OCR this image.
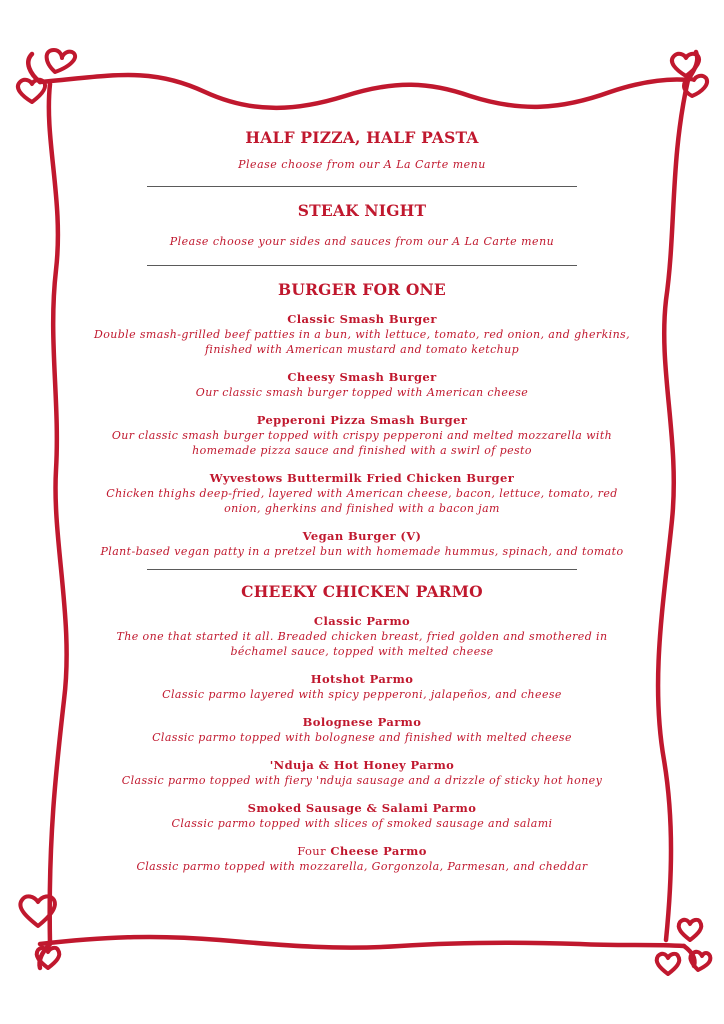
HALF PIZZA, HALF PASTA

Please choose from our A La Carte menu

STEAK NIGHT

Please choose your sides and sauces from our A La Carte menu

BURGER FOR ONE

Classic Smash Burger

Double smash-grilled beef patties in a bun, with lettuce, tomato, red onion, and gherkins, finished with American mustard and tomato ketchup

Cheesy Smash Burger

Our classic smash burger topped with American cheese

Pepperoni Pizza Smash Burger

Our classic smash burger topped with crispy pepperoni and melted mozzarella with homemade pizza sauce and finished with a swirl of pesto

Wyvestows Buttermilk Fried Chicken Burger

Chicken thighs deep-fried, layered with American cheese, bacon, lettuce, tomato, red onion, gherkins and finished with a bacon jam

Vegan Burger (V)

Plant-based vegan patty in a pretzel bun with homemade hummus, spinach, and tomato

CHEEKY CHICKEN PARMO

Classic Parmo

The one that started it all. Breaded chicken breast, fried golden and smothered in béchamel sauce, topped with melted cheese

Hotshot Parmo

Classic parmo layered with spicy pepperoni, jalapeños, and cheese

Bolognese Parmo

Classic parmo topped with bolognese and finished with melted cheese

'Nduja & Hot Honey Parmo

Classic parmo topped with fiery 'nduja sausage and a drizzle of sticky hot honey

Smoked Sausage & Salami Parmo

Classic parmo topped with slices of smoked sausage and salami

Four Cheese Parmo

Classic parmo topped with mozzarella, Gorgonzola, Parmesan, and cheddar
